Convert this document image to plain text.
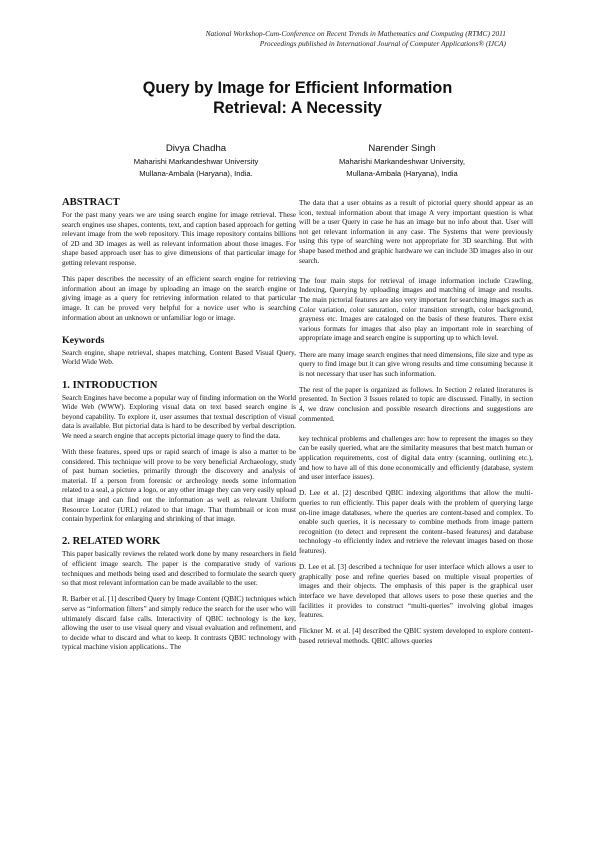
National Workshop-Cum-Conference on Recent Trends in Mathematics and Computing (RTMC) 2011
Proceedings published in International Journal of Computer Applications® (IJCA)
Query by Image for Efficient Information
Retrieval: A Necessity
Divya Chadha
Maharishi Markandeshwar University
Mullana-Ambala (Haryana), India.
Narender Singh
Maharishi Markandeshwar University,
Mullana-Ambala (Haryana), India
ABSTRACT

For the past many years we are using search engine for image retrieval. These search engines use shapes, contents, text, and caption based approach for getting relevant image from the web repository. This image repository contains billions of 2D and 3D images as well as relevant information about those images. For shape based approach user has to give dimensions of that particular image for getting relevant response.

This paper describes the necessity of an efficient search engine for retrieving information about an image by uploading an image on the search engine or giving image as a query for retrieving information related to that particular image. It can be proved very helpful for a novice user who is searching information about an unknown or unfamiliar logo or image.

Keywords

Search engine, shape retrieval, shapes matching, Content Based Visual Query, World Wide Web.

1. INTRODUCTION

Search Engines have become a popular way of finding information on the World Wide Web (WWW). Exploring visual data on text based search engine is beyond capability. To explore it, user assumes that textual description of visual data is available. But pictorial data is hard to be described by verbal description. We need a search engine that accepts pictorial image query to find the data.

With these features, speed ups or rapid search of image is also a matter to be considered. This technique will prove to be very beneficial Archaeology, study of past human societies, primarily through the discovery and analysis of material. If a person from forensic or archeology needs some information related to a seal, a picture a logo, or any other image they can very easily upload that image and can find out the information as well as relevant Uniform Resource Locator (URL) related to that image. That thumbnail or icon must contain hyperlink for enlarging and shrinking of that image.

2. RELATED WORK

This paper basically reviews the related work done by many researchers in field of efficient image search. The paper is the comparative study of various techniques and methods being used and described to formulate the search query so that most relevant information can be made available to the user.

R. Barber et al. [1] described Query by Image Content (QBIC) techniques which serve as “information filters” and simply reduce the search for the user who will ultimately discard false calls. Interactivity of QBIC technology is the key, allowing the user to use visual query and visual evaluation and refinement, and to decide what to discard and what to keep. It contrasts QBIC technology with typical machine vision applications.. The

The data that a user obtains as a result of pictorial query should appear as an icon, textual information about that image A very important question is what will be a user Query in case he has an image but no info about that. User will not get relevant information in any case. The Systems that were previously using this type of searching were not appropriate for 3D searching. But with shape based method and graphic hardware we can include 3D images also in our search.

The four main steps for retrieval of image information include Crawling, Indexing, Querying by uploading images and matching of image and results. The main pictorial features are also very important for searching images such as Color variation, color saturation, color transition strength, color background, grayness etc. Images are cataloged on the basis of these features. There exist various formats for images that also play an important role in searching of appropriate image and search engine is supporting up to which level.

There are many image search engines that need dimensions, file size and type as query to find image but it can give wrong results and time consuming because it is not necessary that user has such information.

The rest of the paper is organized as follows. In Section 2 related literatures is presented. In Section 3 Issues related to topic are discussed. Finally, in section 4, we draw conclusion and possible research directions and suggestions are commented.

key technical problems and challenges are: how to represent the images so they can be easily queried, what are the similarity measures that best match human or application requirements, cost of digital data entry (scanning, outlining etc.), and how to have all of this done economically and efficiently (database, system and user interface issues).

D. Lee et al. [2] described QBIC indexing algorithms that allow the multi-queries to run efficiently. This paper deals with the problem of querying large on-line image databases, where the queries are content-based and complex. To enable such queries, it is necessary to combine methods from image pattern recognition (to detect and represent the content–based features) and database technology -to efficiently index and retrieve the relevant images based on those features).

D. Lee et al. [3] described a technique for user interface which allows a user to graphically pose and refine queries based on multiple visual properties of images and their objects. The emphasis of this paper is the graphical user interface we have developed that allows users to pose these queries and the facilities it provides to construct “multi-queries” involving global images features.

Flickner M. et al. [4] described the QBIC system developed to explore content-based retrieval methods. QBIC allows queries
